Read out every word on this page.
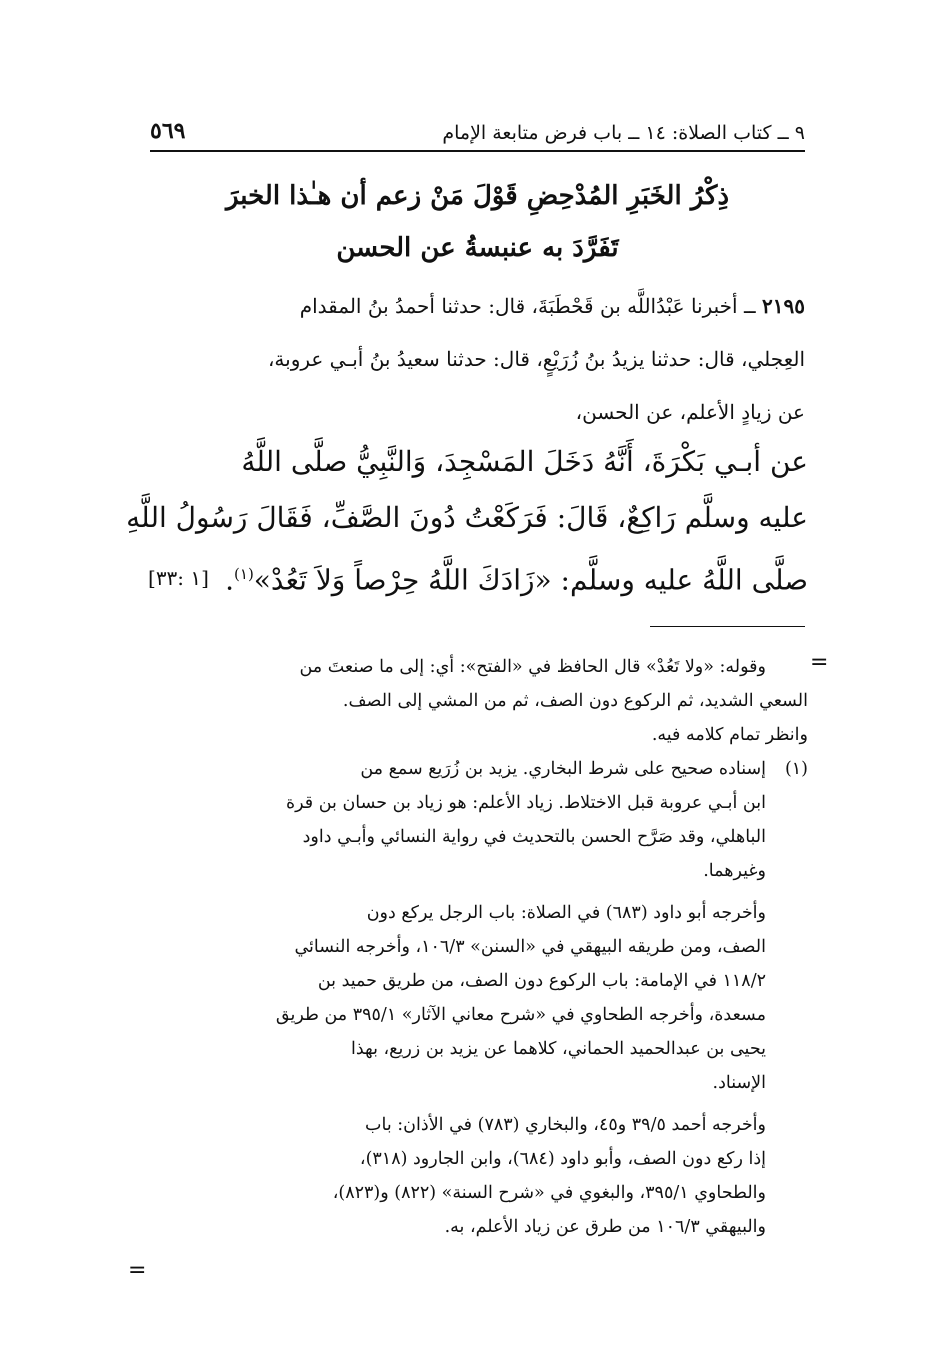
٩ ــ كتاب الصلاة: ١٤ ــ باب فرض متابعة الإمام
٥٦٩
ذِكْرُ الخَبَرِ المُدْحِضِ قَوْلَ مَنْ زعم أن هـٰذا الخبرَ
تَفَرَّدَ به عنبسةُ عن الحسن
٢١٩٥ ــ أخبرنا عَبْدُاللَّه بن قَحْطَبَةَ، قال: حدثنا أحمدُ بنُ المقدام
العِجلي، قال: حدثنا يزيدُ بنُ زُرَيْعٍ، قال: حدثنا سعيدُ بنُ أبـي عروبة،
عن زيادٍ الأعلم، عن الحسن،
عن أبـي بَكْرَةَ، أَنَّهُ دَخَلَ المَسْجِدَ، وَالنَّبِيُّ صلَّى اللَّهُ
عليه وسلَّم رَاكِعٌ، قَالَ: فَرَكَعْتُ دُونَ الصَّفِّ، فَقَالَ رَسُولُ اللَّهِ
صلَّى اللَّهُ عليه وسلَّم: «زَادَكَ اللَّهُ حِرْصاً وَلاَ تَعُدْ»$^{(١)}$.
[١ :٣٣]
=
وقوله: «ولا تَعُدْ» قال الحافظ في «الفتح»: أي: إلى ما صنعتَ من
السعي الشديد، ثم الركوع دون الصف، ثم من المشي إلى الصف.
وانظر تمام كلامه فيه.
(١)إسناده صحيح على شرط البخاري. يزيد بن زُرَيع سمع من
ابن أبـي عروبة قبل الاختلاط. زياد الأعلم: هو زياد بن حسان بن قرة
الباهلي، وقد صَرَّح الحسن بالتحديث في رواية النسائي وأبـي داود
وغيرهما.
وأخرجه أبو داود (٦٨٣) في الصلاة: باب الرجل يركع دون
الصف، ومن طريقه البيهقي في «السنن» ١٠٦/٣، وأخرجه النسائي
١١٨/٢ في الإمامة: باب الركوع دون الصف، من طريق حميد بن
مسعدة، وأخرجه الطحاوي في «شرح معاني الآثار» ٣٩٥/١ من طريق
يحيى بن عبدالحميد الحماني، كلاهما عن يزيد بن زريع، بهذا
الإسناد.
وأخرجه أحمد ٣٩/٥ و٤٥، والبخاري (٧٨٣) في الأذان: باب
إذا ركع دون الصف، وأبو داود (٦٨٤)، وابن الجارود (٣١٨)،
والطحاوي ٣٩٥/١، والبغوي في «شرح السنة» (٨٢٢) و(٨٢٣)،
والبيهقي ١٠٦/٣ من طرق عن زياد الأعلم، به.
=
